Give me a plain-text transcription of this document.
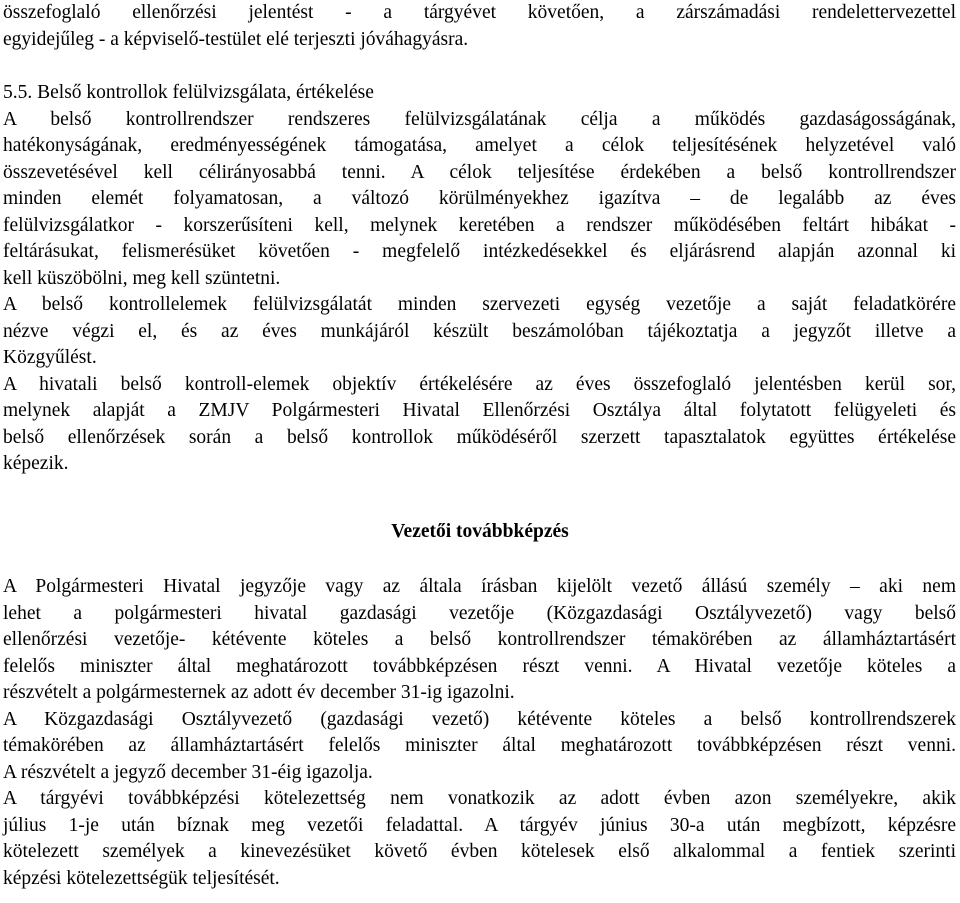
összefoglaló ellenőrzési jelentést - a tárgyévet követően, a zárszámadási rendelettervezettel
egyidejűleg - a képviselő-testület elé terjeszti jóváhagyásra.
5.5. Belső kontrollok felülvizsgálata, értékelése
A belső kontrollrendszer rendszeres felülvizsgálatának célja a működés gazdaságosságának,
hatékonyságának, eredményességének támogatása, amelyet a célok teljesítésének helyzetével való
összevetésével kell célirányosabbá tenni. A célok teljesítése érdekében a belső kontrollrendszer
minden elemét folyamatosan, a változó körülményekhez igazítva – de legalább az éves
felülvizsgálatkor - korszerűsíteni kell, melynek keretében a rendszer működésében feltárt hibákat -
feltárásukat, felismerésüket követően - megfelelő intézkedésekkel és eljárásrend alapján azonnal ki
kell küszöbölni, meg kell szüntetni.
A belső kontrollelemek felülvizsgálatát minden szervezeti egység vezetője a saját feladatkörére
nézve végzi el, és az éves munkájáról készült beszámolóban tájékoztatja a jegyzőt illetve a
Közgyűlést.
A hivatali belső kontroll-elemek objektív értékelésére az éves összefoglaló jelentésben kerül sor,
melynek alapját a ZMJV Polgármesteri Hivatal Ellenőrzési Osztálya által folytatott felügyeleti és
belső ellenőrzések során a belső kontrollok működéséről szerzett tapasztalatok együttes értékelése
képezik.
Vezetői továbbképzés
A Polgármesteri Hivatal jegyzője vagy az általa írásban kijelölt vezető állású személy – aki nem
lehet a polgármesteri hivatal gazdasági vezetője (Közgazdasági Osztályvezető) vagy belső
ellenőrzési vezetője- kétévente köteles a belső kontrollrendszer témakörében az államháztartásért
felelős miniszter által meghatározott továbbképzésen részt venni. A Hivatal vezetője köteles a
részvételt a polgármesternek az adott év december 31-ig igazolni.
A Közgazdasági Osztályvezető (gazdasági vezető) kétévente köteles a belső kontrollrendszerek
témakörében az államháztartásért felelős miniszter által meghatározott továbbképzésen részt venni.
A részvételt a jegyző december 31-éig igazolja.
A tárgyévi továbbképzési kötelezettség nem vonatkozik az adott évben azon személyekre, akik
július 1-je után bíznak meg vezetői feladattal. A tárgyév június 30-a után megbízott, képzésre
kötelezett személyek a kinevezésüket követő évben kötelesek első alkalommal a fentiek szerinti
képzési kötelezettségük teljesítését.
